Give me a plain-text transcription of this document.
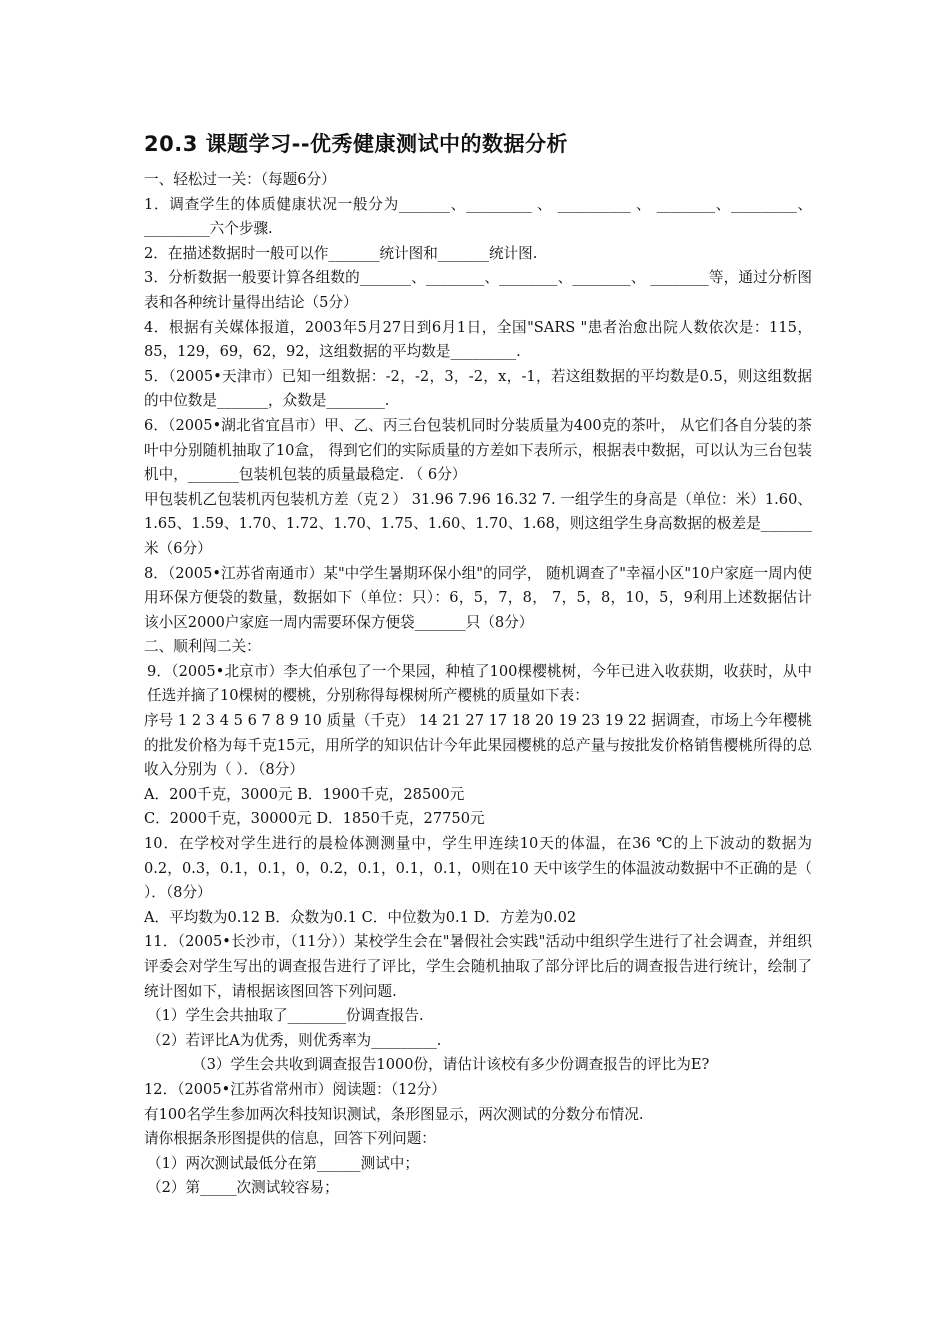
20.3 课题学习--优秀健康测试中的数据分析

一、轻松过一关：（每题6分）

1．调查学生的体质健康状况一般分为_______、_________ 、 __________ 、 ________、_________、_________六个步骤.

2．在描述数据时一般可以作_______统计图和_______统计图.

3．分析数据一般要计算各组数的_______、________、________、________、 ________等，通过分析图表和各种统计量得出结论（5分）

4．根据有关媒体报道，2003年5月27日到6月1日，全国"SARS "患者治愈出院人数依次是：115，85，129，69，62，92，这组数据的平均数是_________.

5．（2005•天津市）已知一组数据：-2，-2，3，-2，x，-1，若这组数据的平均数是0.5，则这组数据的中位数是_______，众数是________.

6．（2005•湖北省宜昌市）甲、乙、丙三台包装机同时分装质量为400克的茶叶， 从它们各自分装的茶叶中分别随机抽取了10盒， 得到它们的实际质量的方差如下表所示，根据表中数据，可以认为三台包装机中，_______包装机包装的质量最稳定. （ 6分）

甲包装机乙包装机丙包装机方差（克２） 31.96 7.96 16.32 7. 一组学生的身高是（单位：米）1.60、1.65、1.59、1.70、1.72、1.70、1.75、1.60、1.70、1.68，则这组学生身高数据的极差是_______米（6分）

8．（2005•江苏省南通市）某"中学生暑期环保小组"的同学， 随机调查了"幸福小区"10户家庭一周内使用环保方便袋的数量，数据如下（单位：只）：6，5，7，8， 7，5，8，10，5，9利用上述数据估计该小区2000户家庭一周内需要环保方便袋_______只（8分）

二、顺利闯二关：

9．（2005•北京市）李大伯承包了一个果园，种植了100棵樱桃树，今年已进入收获期，收获时，从中任选并摘了10棵树的樱桃，分别称得每棵树所产樱桃的质量如下表：

序号 1 2 3 4 5 6 7 8 9 10 质量（千克） 14 21 27 17 18 20 19 23 19 22 据调查，市场上今年樱桃的批发价格为每千克15元，用所学的知识估计今年此果园樱桃的总产量与按批发价格销售樱桃所得的总收入分别为（ ）．（8分）

A．200千克，3000元 B．1900千克，28500元

C．2000千克，30000元 D．1850千克，27750元

10．在学校对学生进行的晨检体测测量中，学生甲连续10天的体温，在36 ℃的上下波动的数据为0.2，0.3，0.1，0.1，0，0.2，0.1，0.1，0.1，0则在10 天中该学生的体温波动数据中不正确的是（ ）．（8分）

A．平均数为0.12 B．众数为0.1 C．中位数为0.1 D．方差为0.02

11．（2005•长沙市，（11分））某校学生会在"暑假社会实践"活动中组织学生进行了社会调查，并组织评委会对学生写出的调查报告进行了评比，学生会随机抽取了部分评比后的调查报告进行统计，绘制了统计图如下，请根据该图回答下列问题.

（1）学生会共抽取了________份调查报告.

（2）若评比A为优秀，则优秀率为_________.

（3）学生会共收到调查报告1000份，请估计该校有多少份调查报告的评比为E?

12．（2005•江苏省常州市）阅读题：（12分）

有100名学生参加两次科技知识测试，条形图显示，两次测试的分数分布情况.

请你根据条形图提供的信息，回答下列问题：

（1）两次测试最低分在第______测试中；

（2）第_____次测试较容易；
